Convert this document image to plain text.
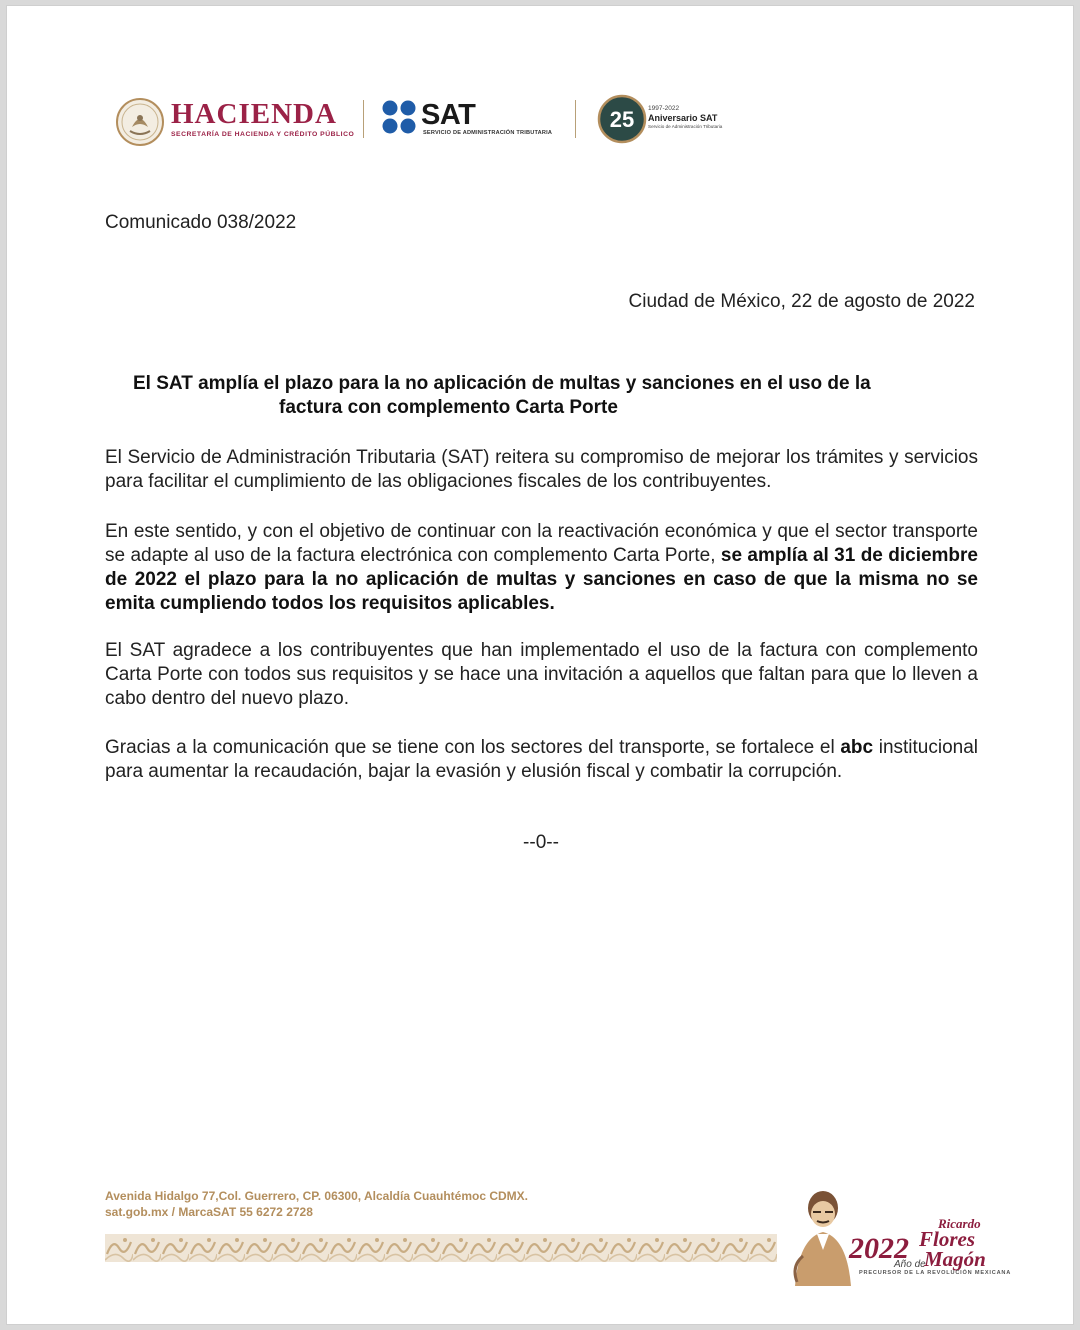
HACIENDA
SECRETARÍA DE HACIENDA Y CRÉDITO PÚBLICO
SAT
SERVICIO DE ADMINISTRACIÓN TRIBUTARIA
25 1997-2022
Aniversario SAT
Servicio de Administración Tributaria
Comunicado 038/2022
Ciudad de México, 22 de agosto de 2022
El SAT amplía el plazo para la no aplicación de multas y sanciones en el uso de la
factura con complemento Carta Porte

El Servicio de Administración Tributaria (SAT) reitera su compromiso de mejorar los trámites y servicios para facilitar el cumplimiento de las obligaciones fiscales de los contribuyentes.

En este sentido, y con el objetivo de continuar con la reactivación económica y que el sector transporte se adapte al uso de la factura electrónica con complemento Carta Porte, se amplía al 31 de diciembre de 2022 el plazo para la no aplicación de multas y sanciones en caso de que la misma no se emita cumpliendo todos los requisitos aplicables.

El SAT agradece a los contribuyentes que han implementado el uso de la factura con complemento Carta Porte con todos sus requisitos y se hace una invitación a aquellos que faltan para que lo lleven a cabo dentro del nuevo plazo.

Gracias a la comunicación que se tiene con los sectores del transporte, se fortalece el abc institucional para aumentar la recaudación, bajar la evasión y elusión fiscal y combatir la corrupción.

--0--
Avenida Hidalgo 77,Col. Guerrero, CP. 06300, Alcaldía Cuauhtémoc CDMX.
sat.gob.mx / MarcaSAT 55 6272 2728
2022
Año de
Ricardo
Flores
Magón
PRECURSOR DE LA REVOLUCIÓN MEXICANA
